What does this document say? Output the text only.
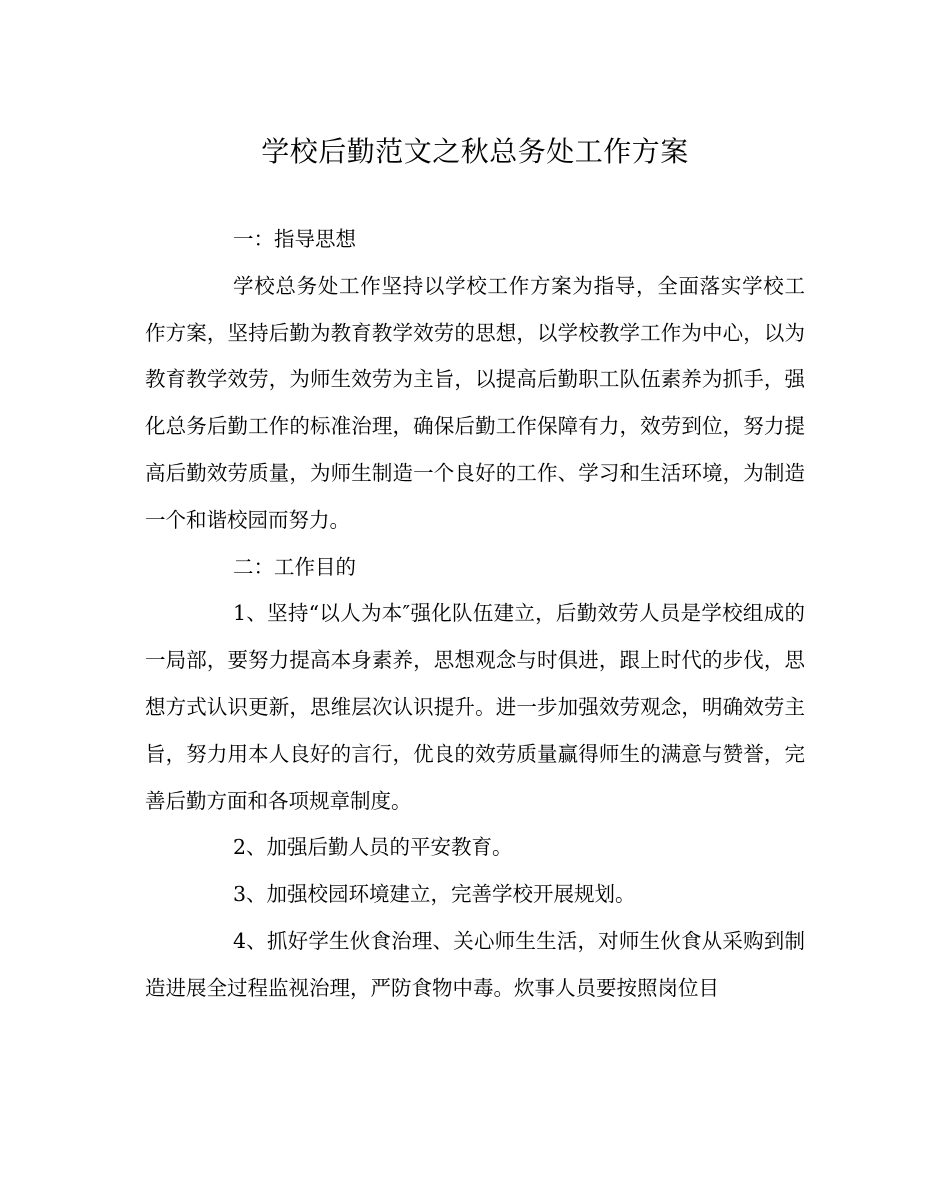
学校后勤范文之秋总务处工作方案

一：指导思想

学校总务处工作坚持以学校工作方案为指导，全面落实学校工作方案，坚持后勤为教育教学效劳的思想，以学校教学工作为中心，以为教育教学效劳，为师生效劳为主旨，以提高后勤职工队伍素养为抓手，强化总务后勤工作的标准治理，确保后勤工作保障有力，效劳到位，努力提高后勤效劳质量，为师生制造一个良好的工作、学习和生活环境，为制造一个和谐校园而努力。

二：工作目的

1、坚持“以人为本″强化队伍建立，后勤效劳人员是学校组成的一局部，要努力提高本身素养，思想观念与时俱进，跟上时代的步伐，思想方式认识更新，思维层次认识提升。进一步加强效劳观念，明确效劳主旨，努力用本人良好的言行，优良的效劳质量赢得师生的满意与赞誉，完善后勤方面和各项规章制度。

2、加强后勤人员的平安教育。

3、加强校园环境建立，完善学校开展规划。

4、抓好学生伙食治理、关心师生生活，对师生伙食从采购到制造进展全过程监视治理，严防食物中毒。炊事人员要按照岗位目
